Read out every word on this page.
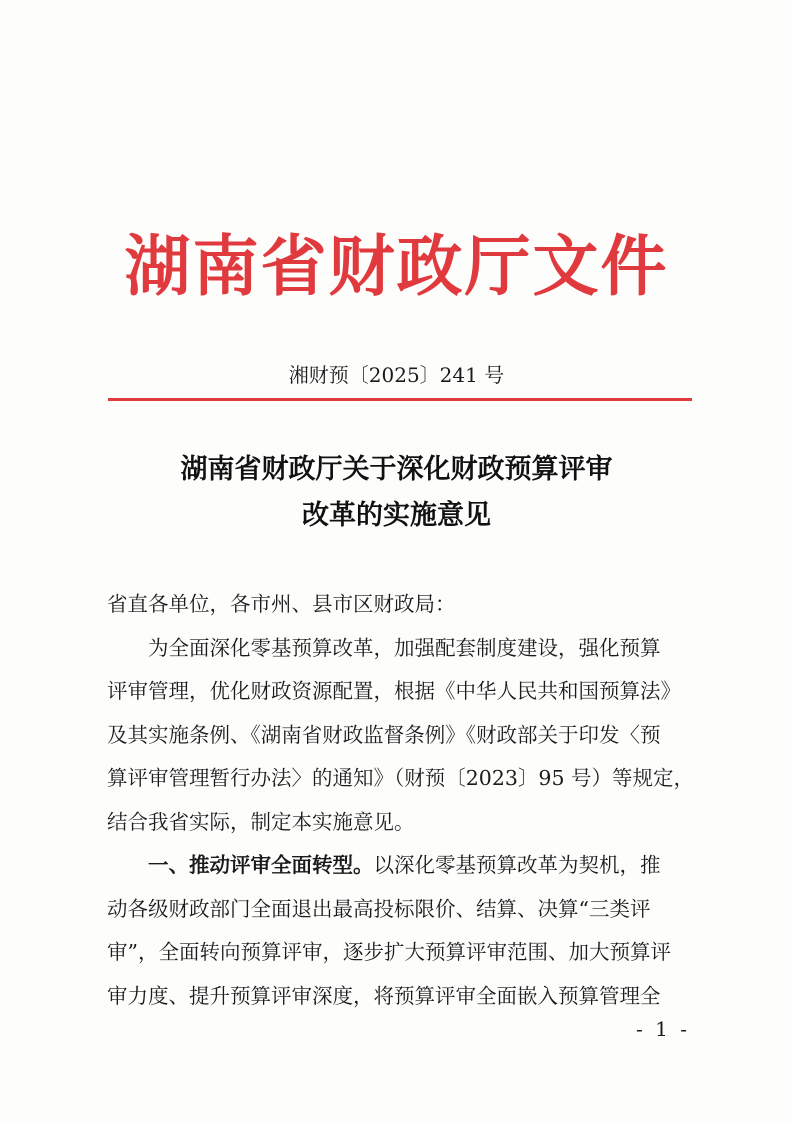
湖南省财政厅文件
湘财预〔2025〕241 号
湖南省财政厅关于深化财政预算评审
改革的实施意见
省直各单位，各市州、县市区财政局：
为全面深化零基预算改革，加强配套制度建设，强化预算
评审管理，优化财政资源配置，根据《中华人民共和国预算法》
及其实施条例、《湖南省财政监督条例》《财政部关于印发〈预
算评审管理暂行办法〉的通知》（财预〔2023〕95 号）等规定，
结合我省实际，制定本实施意见。
一、推动评审全面转型。以深化零基预算改革为契机，推
动各级财政部门全面退出最高投标限价、结算、决算“三类评
审”，全面转向预算评审，逐步扩大预算评审范围、加大预算评
审力度、提升预算评审深度，将预算评审全面嵌入预算管理全
- 1 -
